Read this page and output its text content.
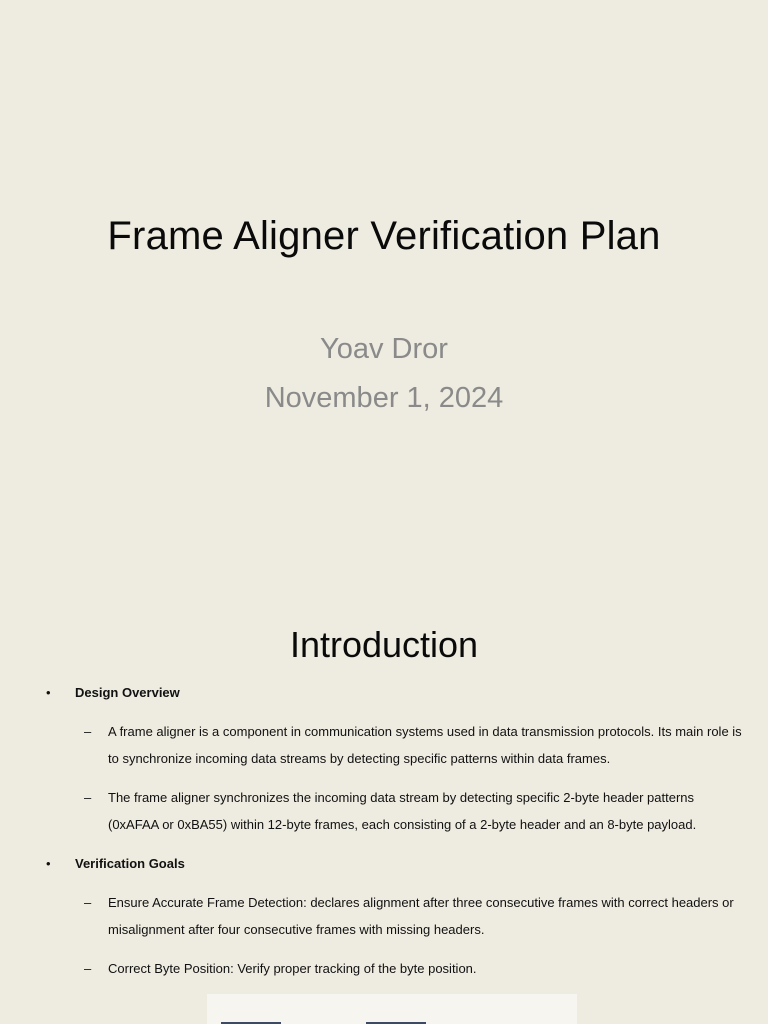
Frame Aligner Verification Plan
Yoav Dror
November 1, 2024
Introduction
•	Design Overview
– A frame aligner is a component in communication systems used in data transmission protocols. Its main role is to synchronize incoming data streams by detecting specific patterns within data frames.
– The frame aligner synchronizes the incoming data stream by detecting specific 2-byte header patterns (0xAFAA or 0xBA55) within 12-byte frames, each consisting of a 2-byte header and an 8-byte payload.
•	Verification Goals
– Ensure Accurate Frame Detection: declares alignment after three consecutive frames with correct headers or misalignment after four consecutive frames with missing headers.
– Correct Byte Position: Verify proper tracking of the byte position.
